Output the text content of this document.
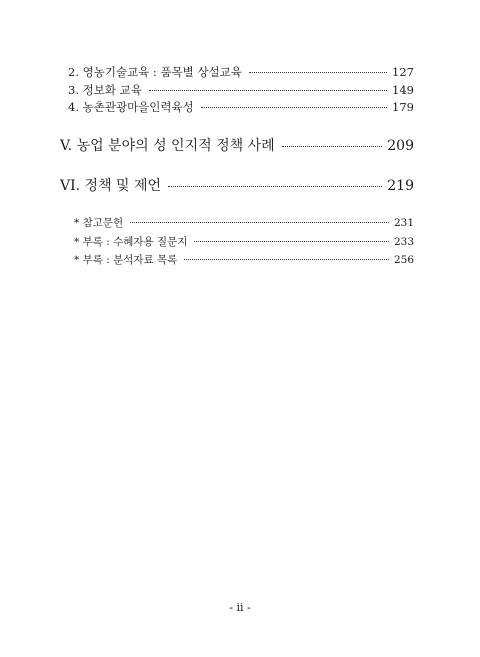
2. 영농기술교육 : 품목별 상설교육	127
3. 정보화 교육	149
4. 농촌관광마을인력육성	179
V. 농업 분야의 성 인지적 정책 사례	209
VI. 정책 및 제언	219
* 참고문헌	231
* 부록 : 수혜자용 질문지	233
* 부록 : 분석자료 목록	256
- ii -
